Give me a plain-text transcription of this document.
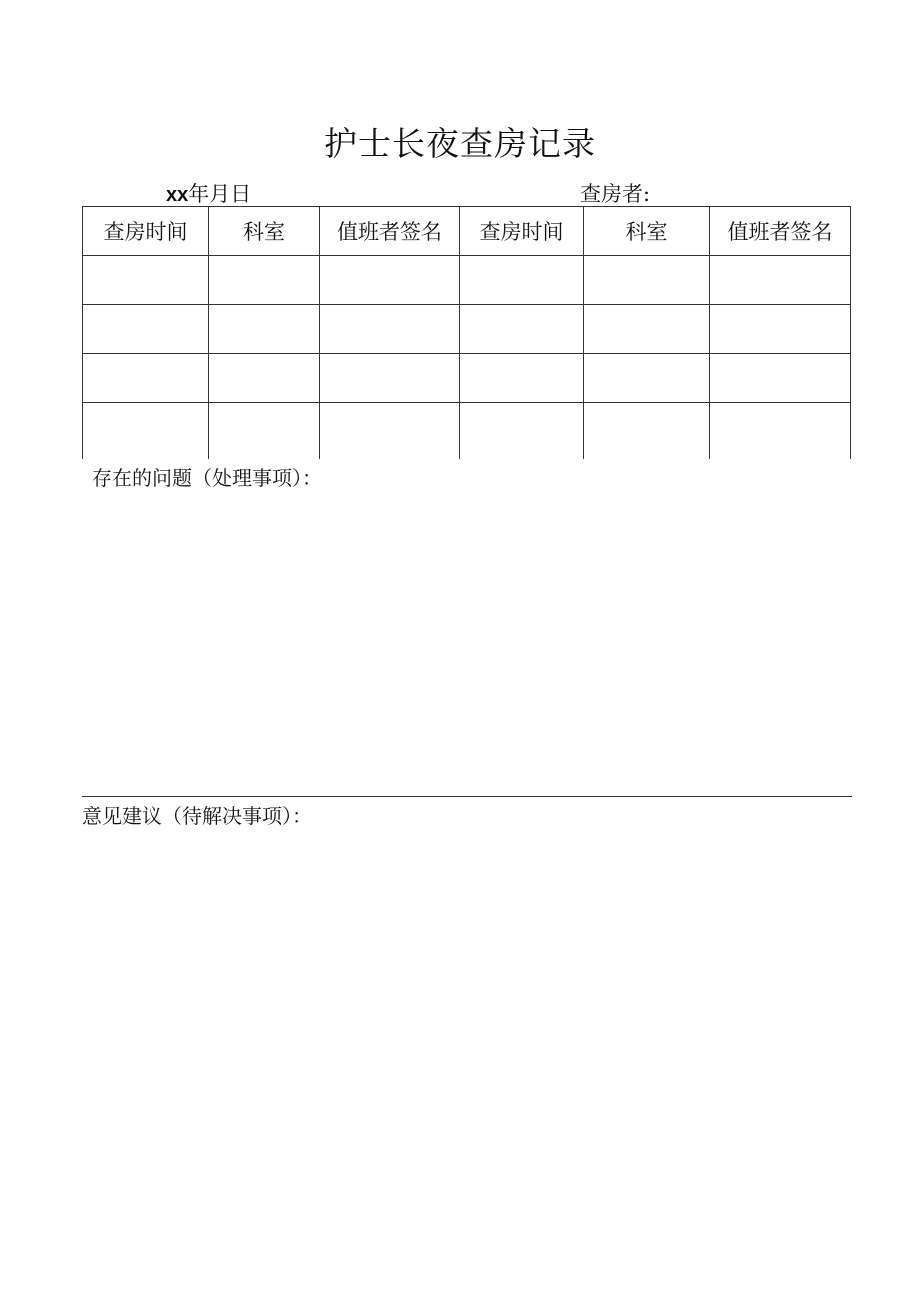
护士长夜查房记录
xx年月日	查房者:
查房时间	科室	值班者签名	查房时间	科室	值班者签名

存在的问题（处理事项）：
意见建议（待解决事项）：
